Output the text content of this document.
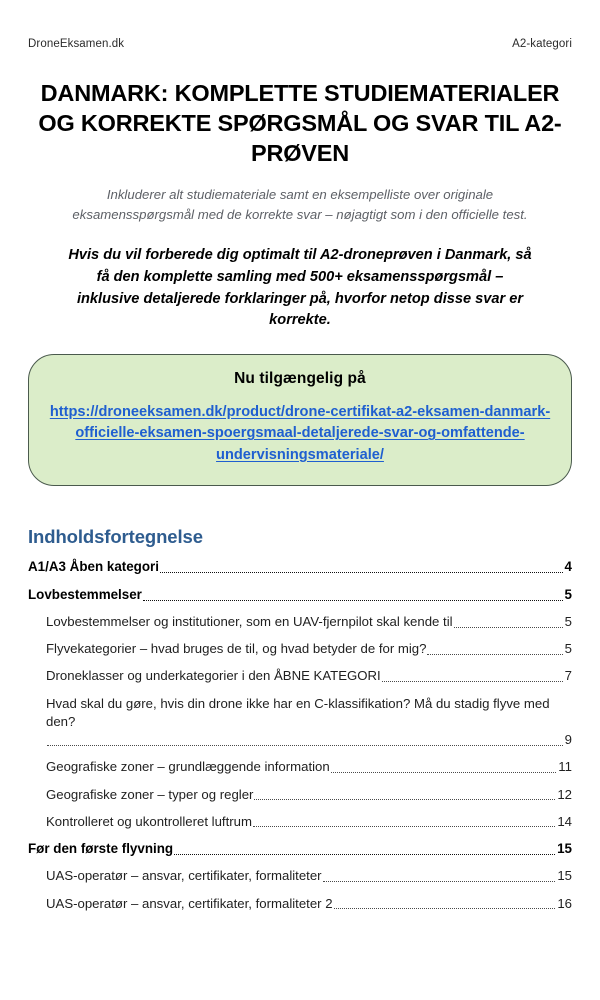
DroneEksamen.dk	A2-kategori
DANMARK: KOMPLETTE STUDIEMATERIALER OG KORREKTE SPØRGSMÅL OG SVAR TIL A2-PRØVEN

Inkluderer alt studiemateriale samt en eksempelliste over originale eksamensspørgsmål med de korrekte svar – nøjagtigt som i den officielle test.

Hvis du vil forberede dig optimalt til A2-droneprøven i Danmark, så få den komplette samling med 500+ eksamensspørgsmål – inklusive detaljerede forklaringer på, hvorfor netop disse svar er korrekte.

Nu tilgængelig på
https://droneeksamen.dk/product/drone-certifikat-a2-eksamen-danmark-officielle-eksamen-spoergsmaal-detaljerede-svar-og-omfattende-undervisningsmateriale/
Indholdsfortegnelse
A1/A3 Åben kategori	4
Lovbestemmelser	5
Lovbestemmelser og institutioner, som en UAV-fjernpilot skal kende til	5
Flyvekategorier – hvad bruges de til, og hvad betyder de for mig?	5
Droneklasser og underkategorier i den ÅBNE KATEGORI	7
Hvad skal du gøre, hvis din drone ikke har en C-klassifikation? Må du stadig flyve med den?
9
Geografiske zoner – grundlæggende information	11
Geografiske zoner – typer og regler	12
Kontrolleret og ukontrolleret luftrum	14
Før den første flyvning	15
UAS-operatør – ansvar, certifikater, formaliteter	15
UAS-operatør – ansvar, certifikater, formaliteter 2	16
